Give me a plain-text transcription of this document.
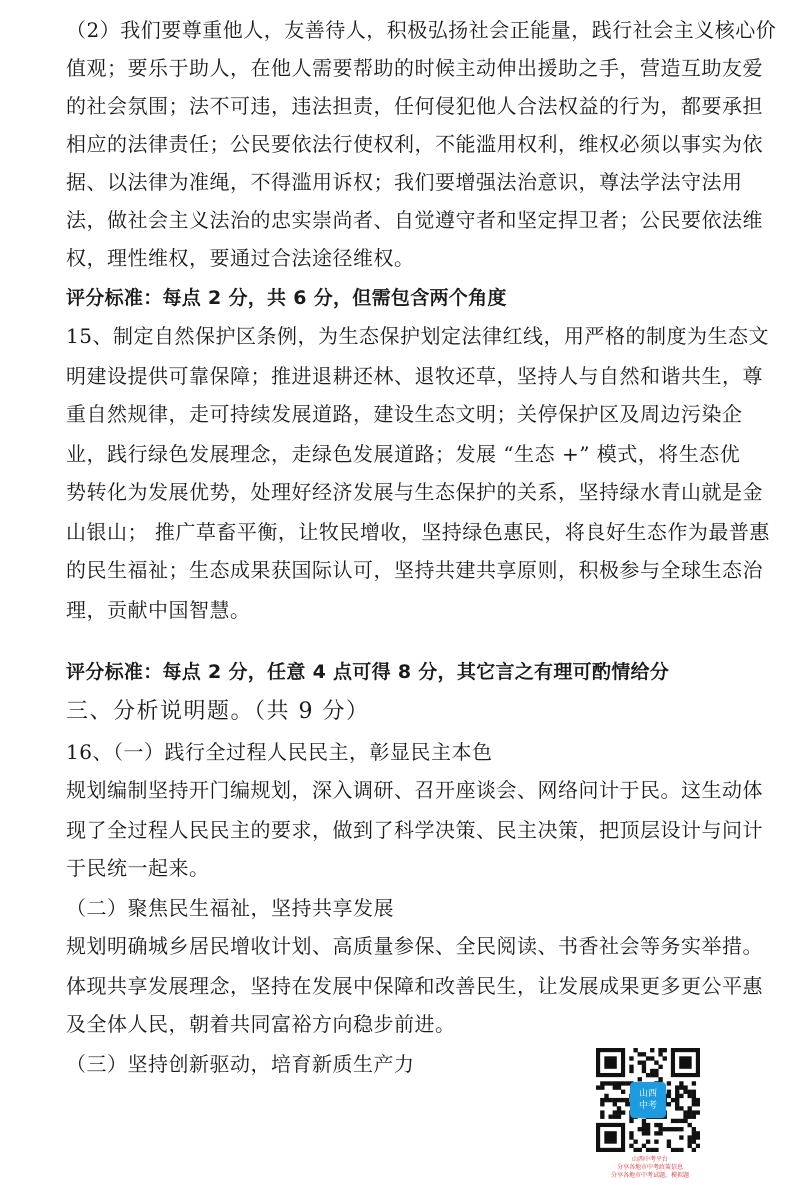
（2）我们要尊重他人，友善待人，积极弘扬社会正能量，践行社会主义核心价
值观；要乐于助人，在他人需要帮助的时候主动伸出援助之手，营造互助友爱
的社会氛围；法不可违，违法担责，任何侵犯他人合法权益的行为，都要承担
相应的法律责任；公民要依法行使权利，不能滥用权利，维权必须以事实为依
据、以法律为准绳，不得滥用诉权；我们要增强法治意识，尊法学法守法用
法，做社会主义法治的忠实崇尚者、自觉遵守者和坚定捍卫者；公民要依法维
权，理性维权，要通过合法途径维权。
评分标准：每点 2 分，共 6 分，但需包含两个角度
15、制定自然保护区条例，为生态保护划定法律红线，用严格的制度为生态文
明建设提供可靠保障；推进退耕还林、退牧还草，坚持人与自然和谐共生，尊
重自然规律，走可持续发展道路，建设生态文明；关停保护区及周边污染企
业，践行绿色发展理念，走绿色发展道路；发展 “生态 +” 模式，将生态优
势转化为发展优势，处理好经济发展与生态保护的关系，坚持绿水青山就是金
山银山； 推广草畜平衡，让牧民增收，坚持绿色惠民，将良好生态作为最普惠
的民生福祉；生态成果获国际认可，坚持共建共享原则，积极参与全球生态治
理，贡献中国智慧。
评分标准：每点 2 分，任意 4 点可得 8 分，其它言之有理可酌情给分
三、分析说明题。（共 9 分）
16、（一）践行全过程人民民主，彰显民主本色
规划编制坚持开门编规划，深入调研、召开座谈会、网络问计于民。这生动体
现了全过程人民民主的要求，做到了科学决策、民主决策，把顶层设计与问计
于民统一起来。
（二）聚焦民生福祉，坚持共享发展
规划明确城乡居民增收计划、高质量参保、全民阅读、书香社会等务实举措。
体现共享发展理念，坚持在发展中保障和改善民生，让发展成果更多更公平惠
及全体人民，朝着共同富裕方向稳步前进。
（三）坚持创新驱动，培育新质生产力
山西
中考
山西中考平台
分享各地市中考政策信息
分享各地市中考试题，模拟题
